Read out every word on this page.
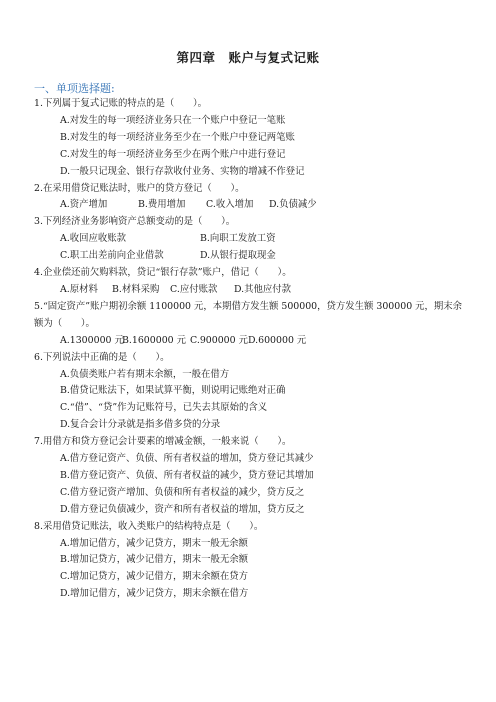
第四章　账户与复式记账
一、单项选择题:
1.下列属于复式记账的特点的是（　　）。
A.对发生的每一项经济业务只在一个账户中登记一笔账
B.对发生的每一项经济业务至少在一个账户中登记两笔账
C.对发生的每一项经济业务至少在两个账户中进行登记
D.一般只记现金、银行存款收付业务、实物的增减不作登记
2.在采用借贷记账法时，账户的贷方登记（　　）。
A.资产增加	B.费用增加	C.收入增加	D.负债减少
3.下列经济业务影响资产总额变动的是（　　）。
A.收回应收账款	B.向职工发放工资
C.职工出差前向企业借款	D.从银行提取现金
4.企业偿还前欠购料款，贷记“银行存款”账户，借记（　　）。
A.原材料	B.材料采购	C.应付账款	D.其他应付款
5.“固定资产”账户期初余额 1100000 元，本期借方发生额 500000，贷方发生额 300000 元，期末余额为（　　）。
A.1300000 元
B.1600000 元 C.900000 元 D.600000 元
6.下列说法中正确的是（　　）。
A.负债类账户若有期末余额，一般在借方
B.借贷记账法下，如果试算平衡，则说明记账绝对正确
C.“借”、“贷”作为记账符号，已失去其原始的含义
D.复合会计分录就是指多借多贷的分录
7.用借方和贷方登记会计要素的增减金额，一般来说（　　）。
A.借方登记资产、负债、所有者权益的增加，贷方登记其减少
B.借方登记资产、负债、所有者权益的减少，贷方登记其增加
C.借方登记资产增加、负债和所有者权益的减少，贷方反之
D.借方登记负债减少，资产和所有者权益的增加，贷方反之
8.采用借贷记账法，收入类账户的结构特点是（　　）。
A.增加记借方，减少记贷方，期末一般无余额
B.增加记贷方，减少记借方，期末一般无余额
C.增加记贷方，减少记借方，期末余额在贷方
D.增加记借方，减少记贷方，期末余额在借方
